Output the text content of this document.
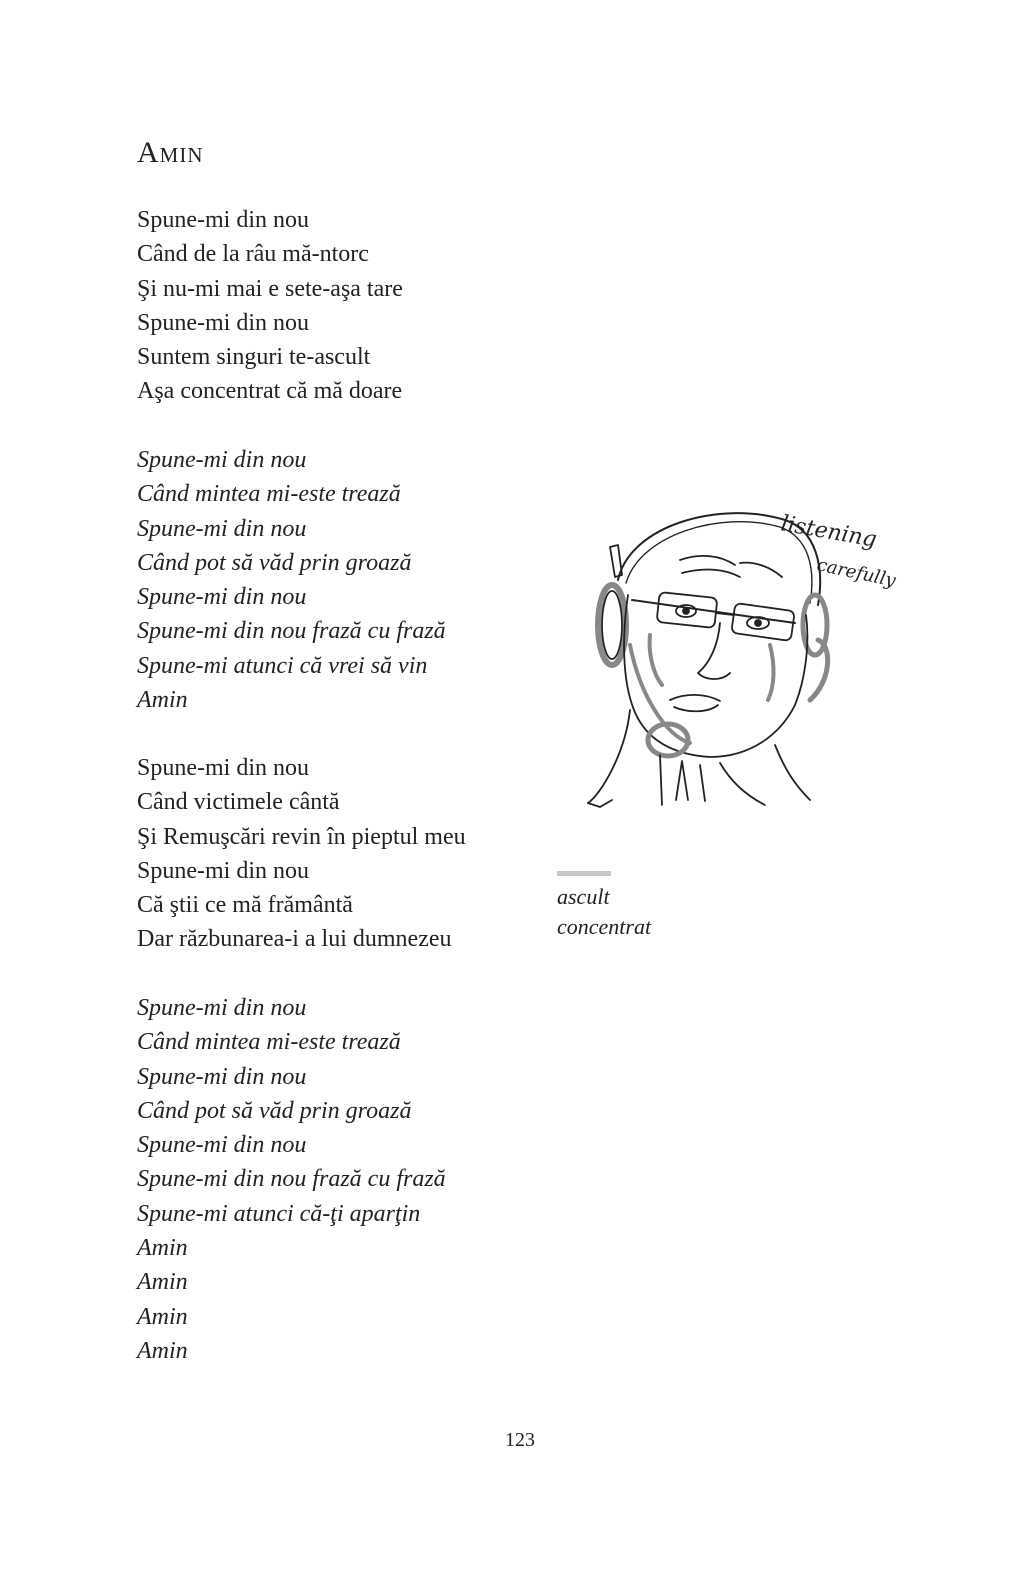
Amin
Spune-mi din nou
Când de la râu mă-ntorc
Şi nu-mi mai e sete-aşa tare
Spune-mi din nou
Suntem singuri te-ascult
Aşa concentrat că mă doare
Spune-mi din nou
Când mintea mi-este trează
Spune-mi din nou
Când pot să văd prin groază
Spune-mi din nou
Spune-mi din nou frază cu frază
Spune-mi atunci că vrei să vin
Amin
Spune-mi din nou
Când victimele cântă
Şi Remuşcări revin în pieptul meu
Spune-mi din nou
Că ştii ce mă frământă
Dar răzbunarea-i a lui dumnezeu
Spune-mi din nou
Când mintea mi-este trează
Spune-mi din nou
Când pot să văd prin groază
Spune-mi din nou
Spune-mi din nou frază cu frază
Spune-mi atunci că-ţi aparţin
Amin
Amin
Amin
Amin
listening
carefully
ascult
concentrat
123
